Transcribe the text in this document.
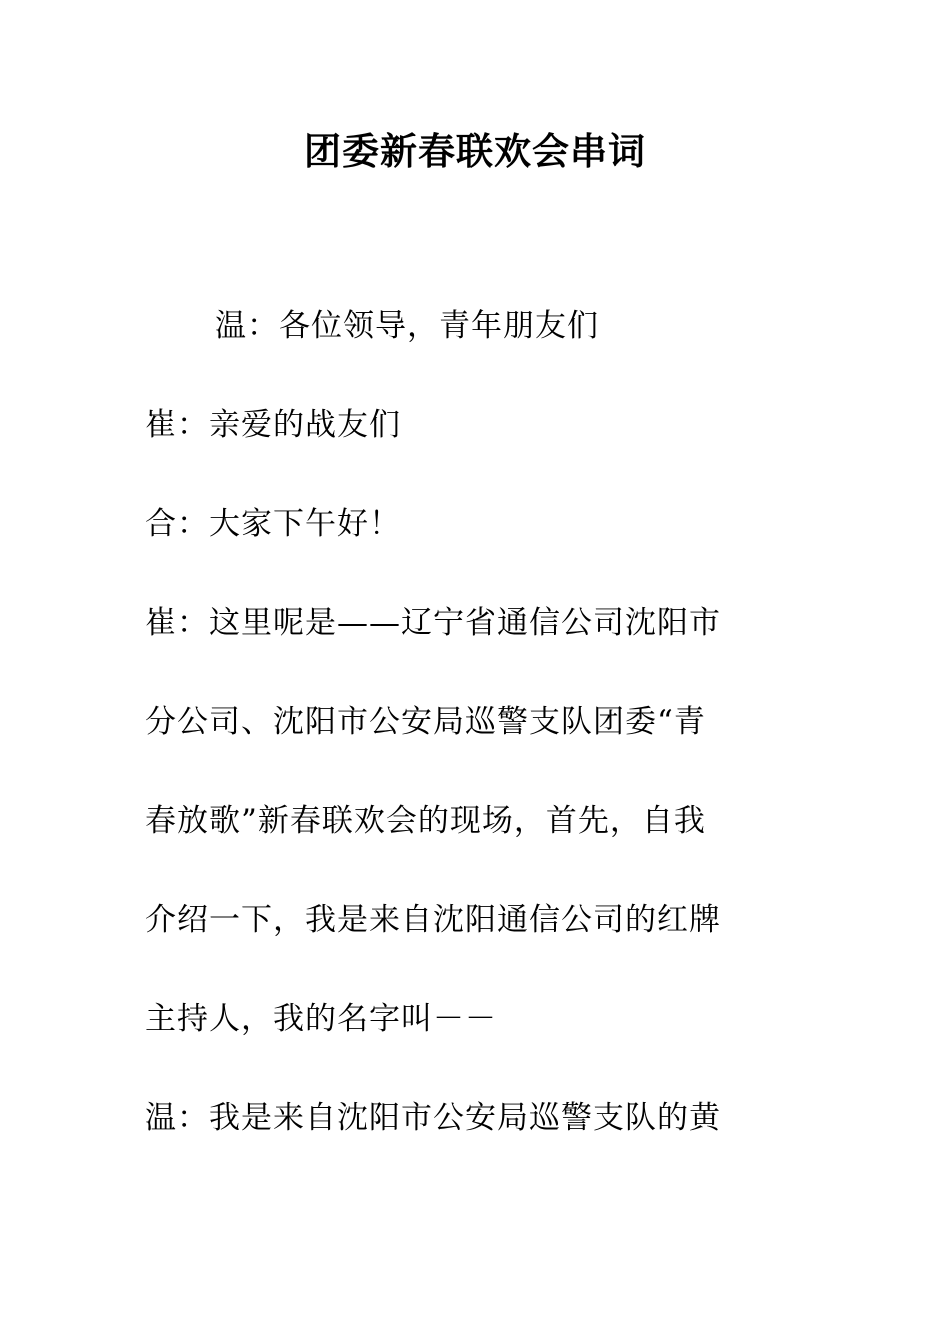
团委新春联欢会串词
温：各位领导，青年朋友们
崔：亲爱的战友们
合：大家下午好！
崔：这里呢是——辽宁省通信公司沈阳市
分公司、沈阳市公安局巡警支队团委“青
春放歌”新春联欢会的现场，首先，自我
介绍一下，我是来自沈阳通信公司的红牌
主持人，我的名字叫－－
温：我是来自沈阳市公安局巡警支队的黄
